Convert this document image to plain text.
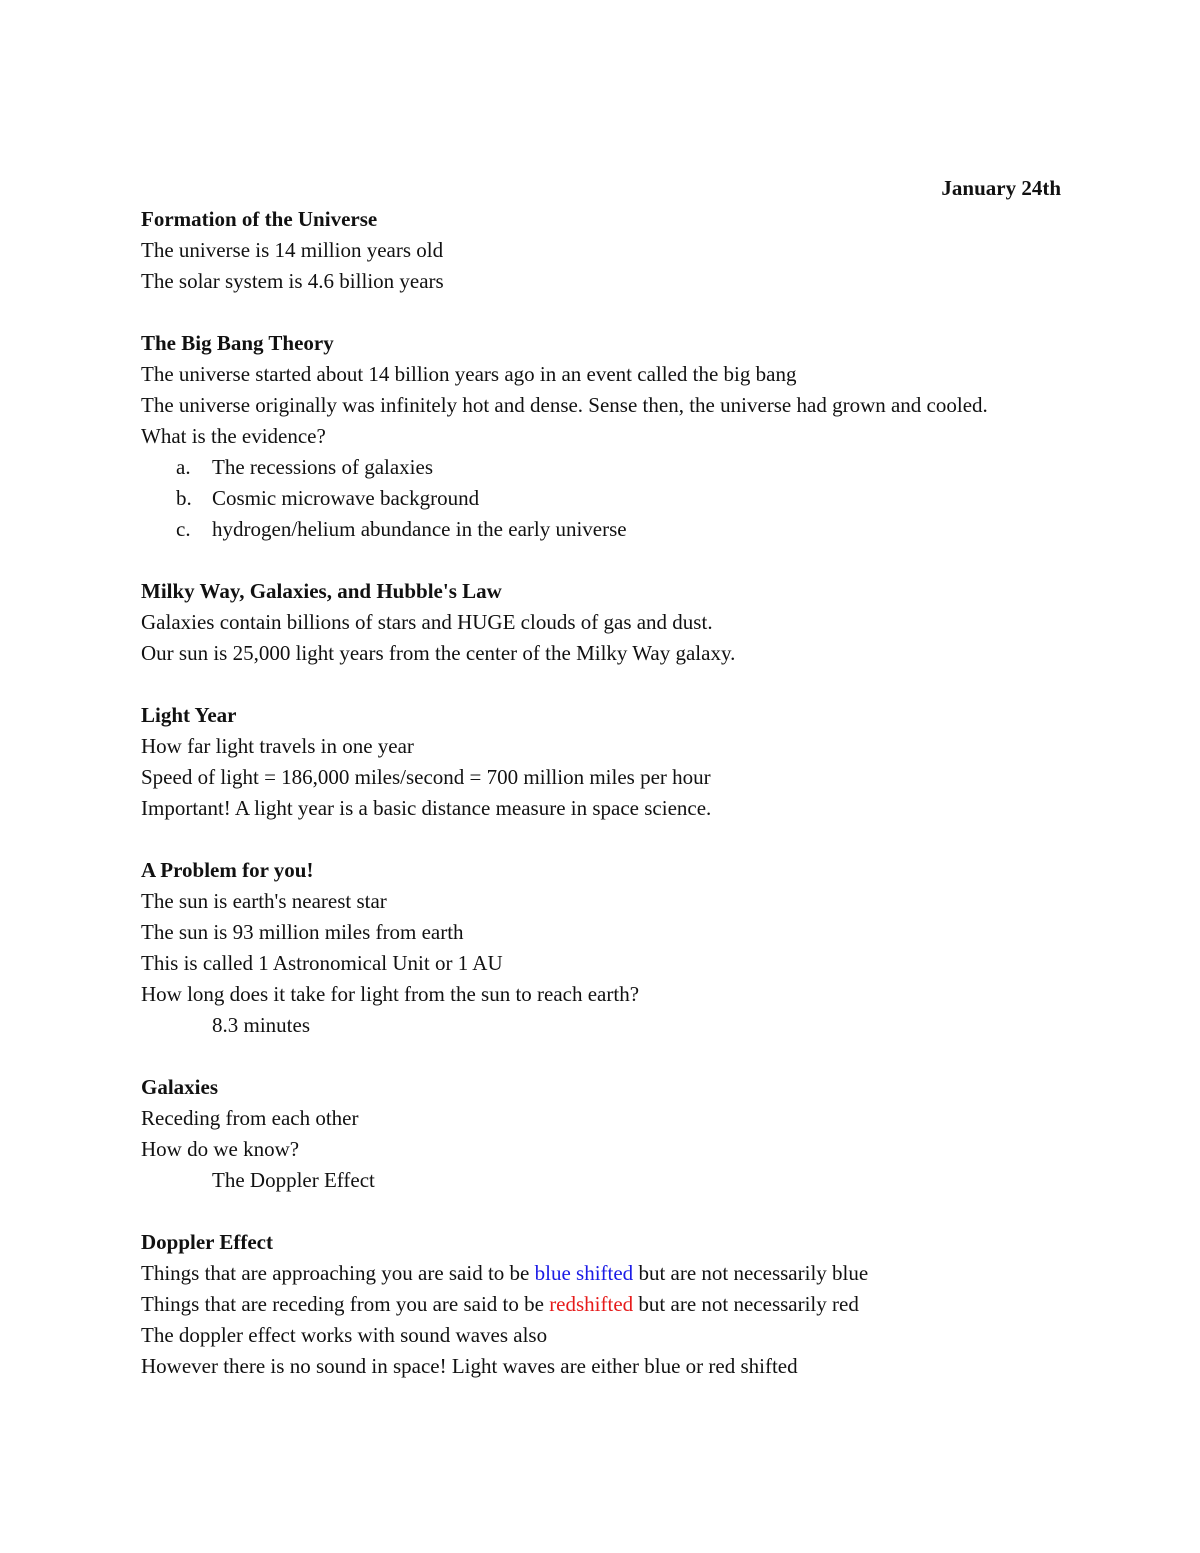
January 24th
Formation of the Universe
The universe is 14 million years old
The solar system is 4.6 billion years
The Big Bang Theory
The universe started about 14 billion years ago in an event called the big bang
The universe originally was infinitely hot and dense. Sense then, the universe had grown and cooled.
What is the evidence?
a. The recessions of galaxies
b. Cosmic microwave background
c. hydrogen/helium abundance in the early universe
Milky Way, Galaxies, and Hubble's Law
Galaxies contain billions of stars and HUGE clouds of gas and dust.
Our sun is 25,000 light years from the center of the Milky Way galaxy.
Light Year
How far light travels in one year
Speed of light = 186,000 miles/second = 700 million miles per hour
Important! A light year is a basic distance measure in space science.
A Problem for you!
The sun is earth's nearest star
The sun is 93 million miles from earth
This is called 1 Astronomical Unit or 1 AU
How long does it take for light from the sun to reach earth?
8.3 minutes
Galaxies
Receding from each other
How do we know?
The Doppler Effect
Doppler Effect
Things that are approaching you are said to be blue shifted but are not necessarily blue
Things that are receding from you are said to be redshifted but are not necessarily red
The doppler effect works with sound waves also
However there is no sound in space! Light waves are either blue or red shifted
